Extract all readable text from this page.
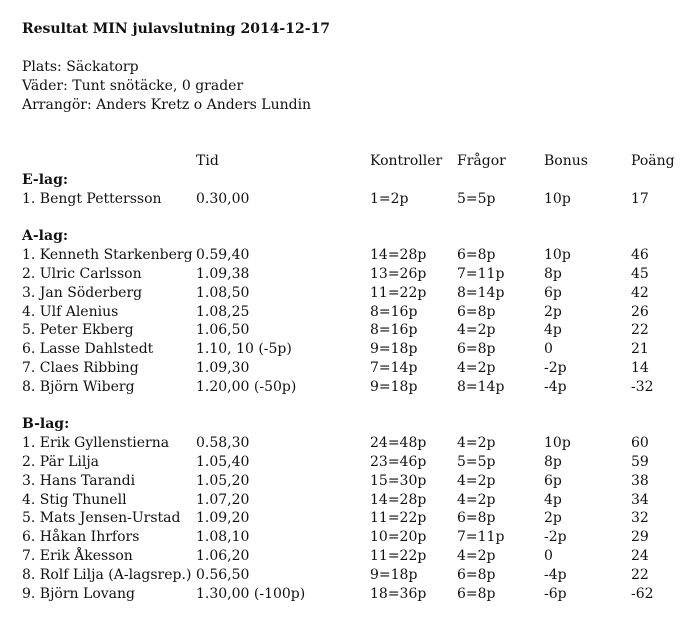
Resultat MIN julavslutning 2014-12-17
Plats: Säckatorp
Väder: Tunt snötäcke, 0 grader
Arrangör: Anders Kretz o Anders Lundin
Tid	Kontroller Frågor	Bonus	Poäng
E-lag:
1. Bengt Pettersson 0.30,00	1=2p	5=5p	10p	17
A-lag:
1. Kenneth Starkenberg 0.59,40	14=28p 6=8p	10p	46
2. Ulric Carlsson	1.09,38	13=26p 7=11p	8p	45
3. Jan Söderberg	1.08,50	11=22p 8=14p	6p	42
4. Ulf Alenius	1.08,25	8=16p	6=8p	2p	26
5. Peter Ekberg	1.06,50	8=16p	4=2p	4p	22
6. Lasse Dahlstedt	1.10, 10 (-5p)	9=18p	6=8p	0	21
7. Claes Ribbing	1.09,30	7=14p	4=2p	-2p	14
8. Björn Wiberg	1.20,00 (-50p)	9=18p	8=14p	-4p	-32
B-lag:
1. Erik Gyllenstierna 0.58,30	24=48p 4=2p	10p	60
2. Pär Lilja	1.05,40	23=46p 5=5p	8p	59
3. Hans Tarandi	1.05,20	15=30p 4=2p	6p	38
4. Stig Thunell	1.07,20	14=28p 4=2p	4p	34
5. Mats Jensen-Urstad 1.09,20	11=22p 6=8p	2p	32
6. Håkan Ihrfors	1.08,10	10=20p 7=11p	-2p	29
7. Erik Åkesson	1.06,20	11=22p 4=2p	0	24
8. Rolf Lilja (A-lagsrep.) 0.56,50	9=18p	6=8p	-4p	22
9. Björn Lovang	1.30,00 (-100p)	18=36p 6=8p	-6p	-62
